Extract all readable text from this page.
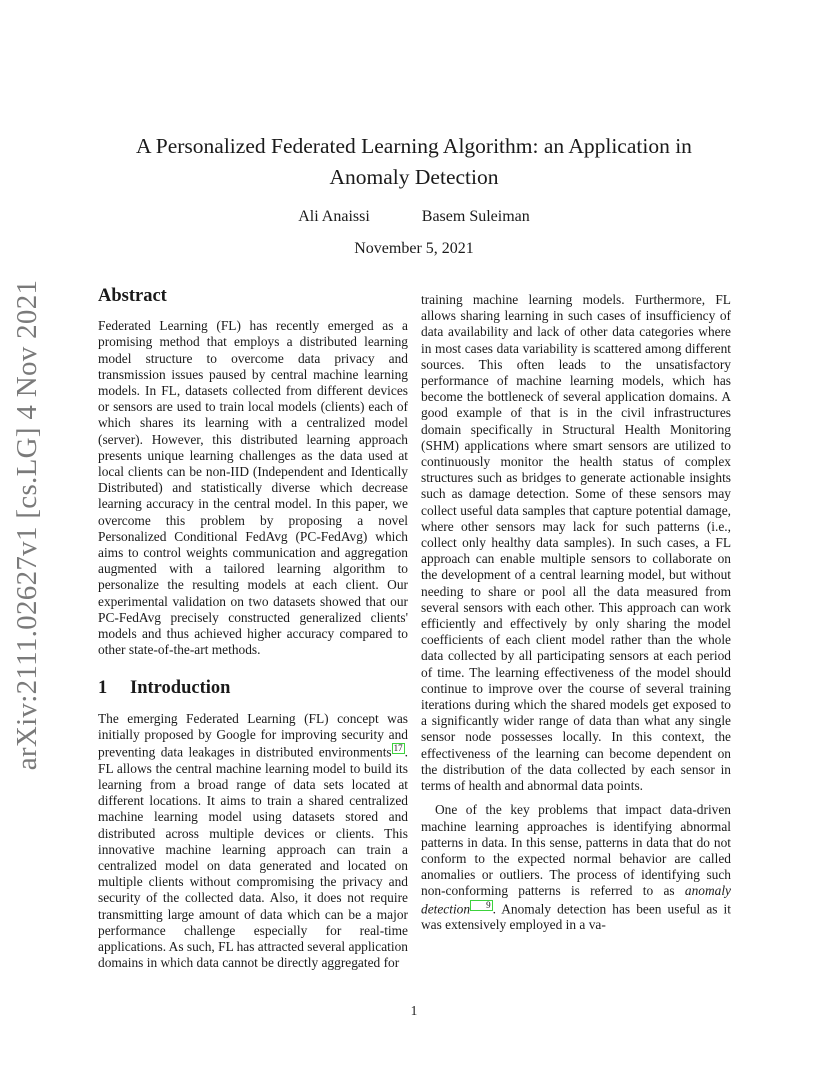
arXiv:2111.02627v1 [cs.LG] 4 Nov 2021
A Personalized Federated Learning Algorithm: an Application in Anomaly Detection
Ali Anaissi	Basem Suleiman
November 5, 2021
Abstract

Federated Learning (FL) has recently emerged as a promising method that employs a distributed learning model structure to overcome data privacy and transmission issues paused by central machine learning models. In FL, datasets collected from different devices or sensors are used to train local models (clients) each of which shares its learning with a centralized model (server). However, this distributed learning approach presents unique learning challenges as the data used at local clients can be non-IID (Independent and Identically Distributed) and statistically diverse which decrease learning accuracy in the central model. In this paper, we overcome this problem by proposing a novel Personalized Conditional FedAvg (PC-FedAvg) which aims to control weights communication and aggregation augmented with a tailored learning algorithm to personalize the resulting models at each client. Our experimental validation on two datasets showed that our PC-FedAvg precisely constructed generalized clients' models and thus achieved higher accuracy compared to other state-of-the-art methods.

1 Introduction

The emerging Federated Learning (FL) concept was initially proposed by Google for improving security and preventing data leakages in distributed environments 17 . FL allows the central machine learning model to build its learning from a broad range of data sets located at different locations. It aims to train a shared centralized machine learning model using datasets stored and distributed across multiple devices or clients. This innovative machine learning approach can train a centralized model on data generated and located on multiple clients without compromising the privacy and security of the collected data. Also, it does not require transmitting large amount of data which can be a major performance challenge especially for real-time applications. As such, FL has attracted several application domains in which data cannot be directly aggregated for

training machine learning models. Furthermore, FL allows sharing learning in such cases of insufficiency of data availability and lack of other data categories where in most cases data variability is scattered among different sources. This often leads to the unsatisfactory performance of machine learning models, which has become the bottleneck of several application domains. A good example of that is in the civil infrastructures domain specifically in Structural Health Monitoring (SHM) applications where smart sensors are utilized to continuously monitor the health status of complex structures such as bridges to generate actionable insights such as damage detection. Some of these sensors may collect useful data samples that capture potential damage, where other sensors may lack for such patterns (i.e., collect only healthy data samples). In such cases, a FL approach can enable multiple sensors to collaborate on the development of a central learning model, but without needing to share or pool all the data measured from several sensors with each other. This approach can work efficiently and effectively by only sharing the model coefficients of each client model rather than the whole data collected by all participating sensors at each period of time. The learning effectiveness of the model should continue to improve over the course of several training iterations during which the shared models get exposed to a significantly wider range of data than what any single sensor node possesses locally. In this context, the effectiveness of the learning can become dependent on the distribution of the data collected by each sensor in terms of health and abnormal data points.

One of the key problems that impact data-driven machine learning approaches is identifying abnormal patterns in data. In this sense, patterns in data that do not conform to the expected normal behavior are called anomalies or outliers. The process of identifying such non-conforming patterns is referred to as anomaly detection 9 . Anomaly detection has been useful as it was extensively employed in a va-

1
